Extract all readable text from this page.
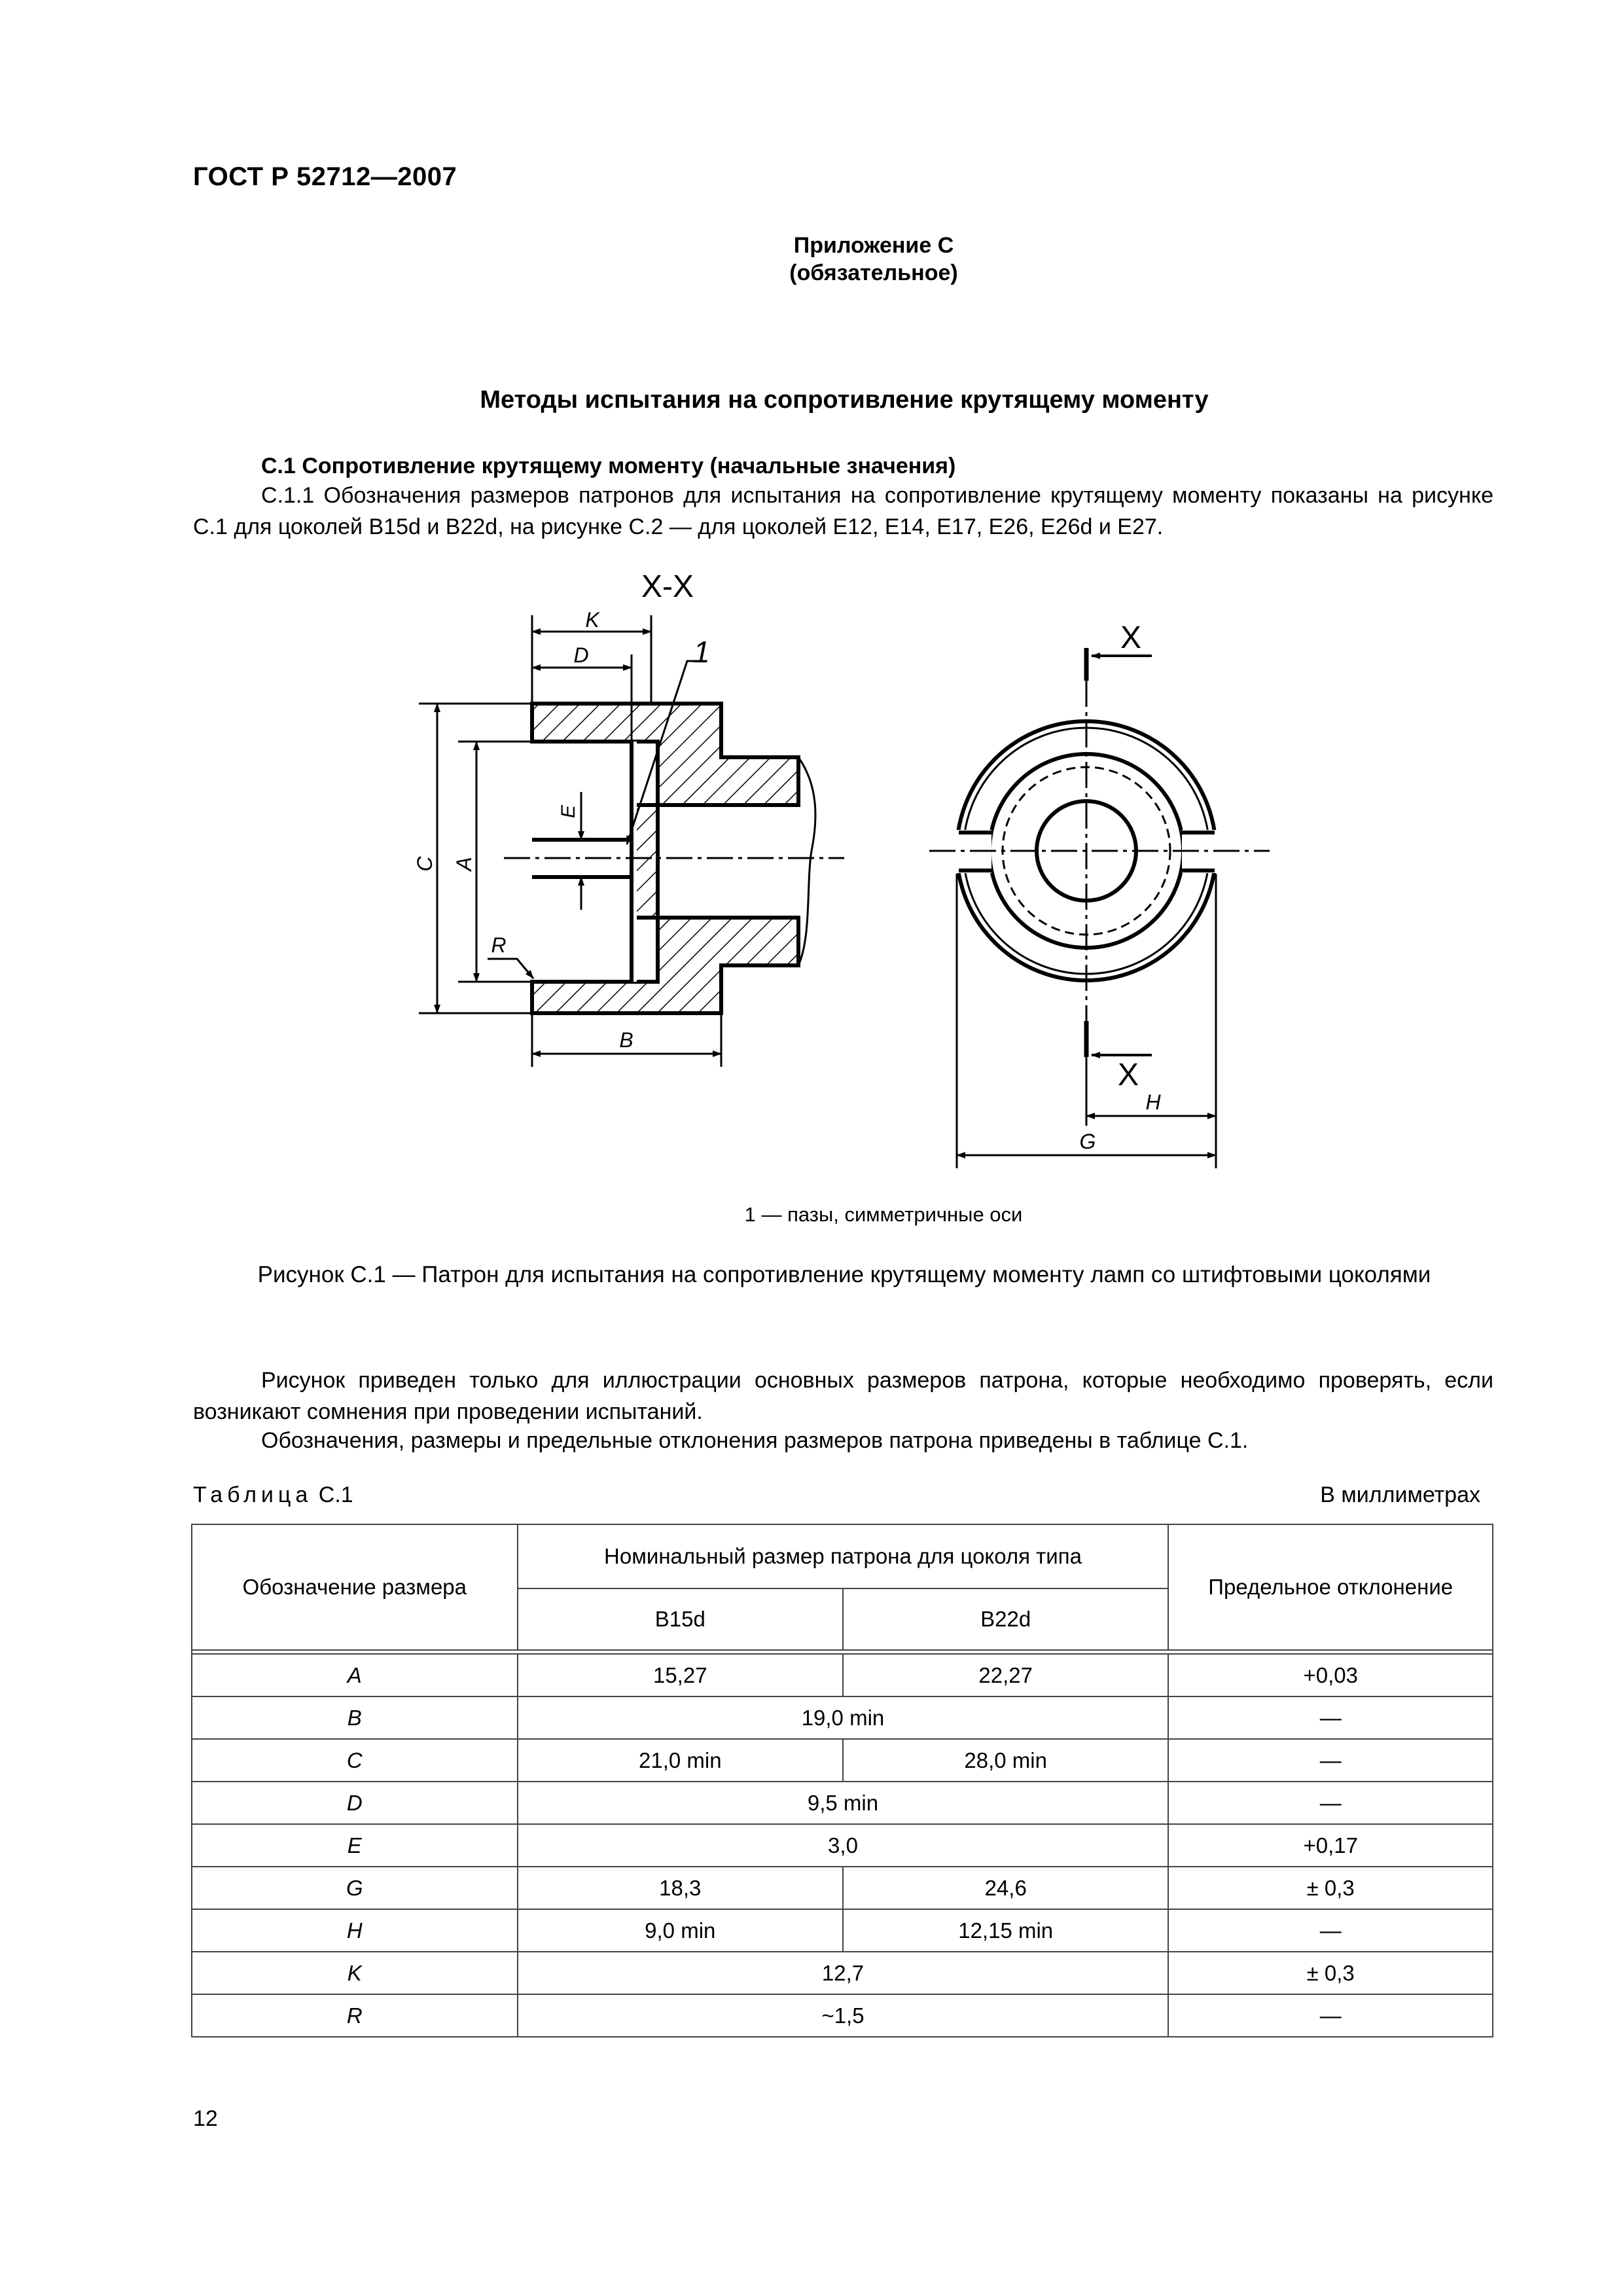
ГОСТ Р 52712—2007
Приложение С
(обязательное)
Методы испытания на сопротивление крутящему моменту
С.1 Сопротивление крутящему моменту (начальные значения)
С.1.1 Обозначения размеров патронов для испытания на сопротивление крутящему моменту показаны на рисунке С.1 для цоколей В15d и В22d, на рисунке С.2 — для цоколей Е12, Е14, Е17, Е26, Е26d и Е27.
X-X
K
D	1
C A
E
R
B
X
X
H
G
1 — пазы, симметричные оси
Рисунок С.1 — Патрон для испытания на сопротивление крутящему моменту ламп со штифтовыми цоколями
Рисунок приведен только для иллюстрации основных размеров патрона, которые необходимо проверять, если возникают сомнения при проведении испытаний.
Обозначения, размеры и предельные отклонения размеров патрона приведены в таблице С.1.
Таблица С.1	В миллиметрах
Обозначение размера	Номинальный размер патрона для цоколя типа		Предельное отклонение
	В15d	В22d	

A	15,27	22,27	+0,03
B	19,0 min		—
C	21,0 min	28,0 min	—
D	9,5 min		—
E	3,0		+0,17
G	18,3	24,6	± 0,3
H	9,0 min	12,15 min	—
K	12,7		± 0,3
R	~1,5		—
12
